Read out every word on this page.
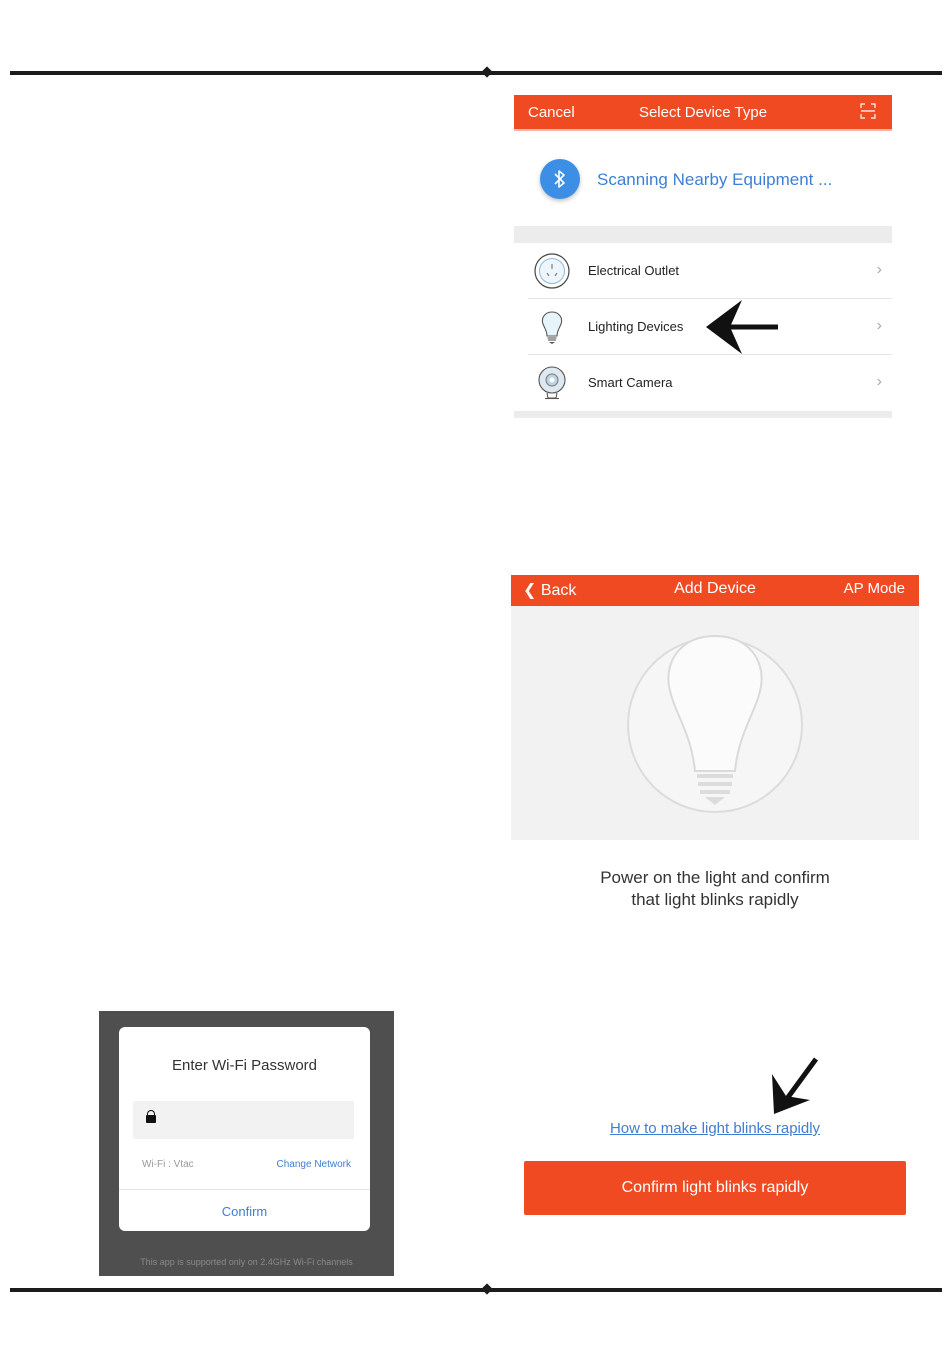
Cancel	Select Device Type
Scanning Nearby Equipment ...
Electrical Outlet	›
Lighting Devices	›
Smart Camera	›
❮ Back	Add Device	AP Mode
Power on the light and confirm
that light blinks rapidly
How to make light blinks rapidly
Confirm light blinks rapidly
Enter Wi-Fi Password
Wi-Fi : Vtac	Change Network
Confirm
This app is supported only on 2.4GHz Wi-Fi channels
